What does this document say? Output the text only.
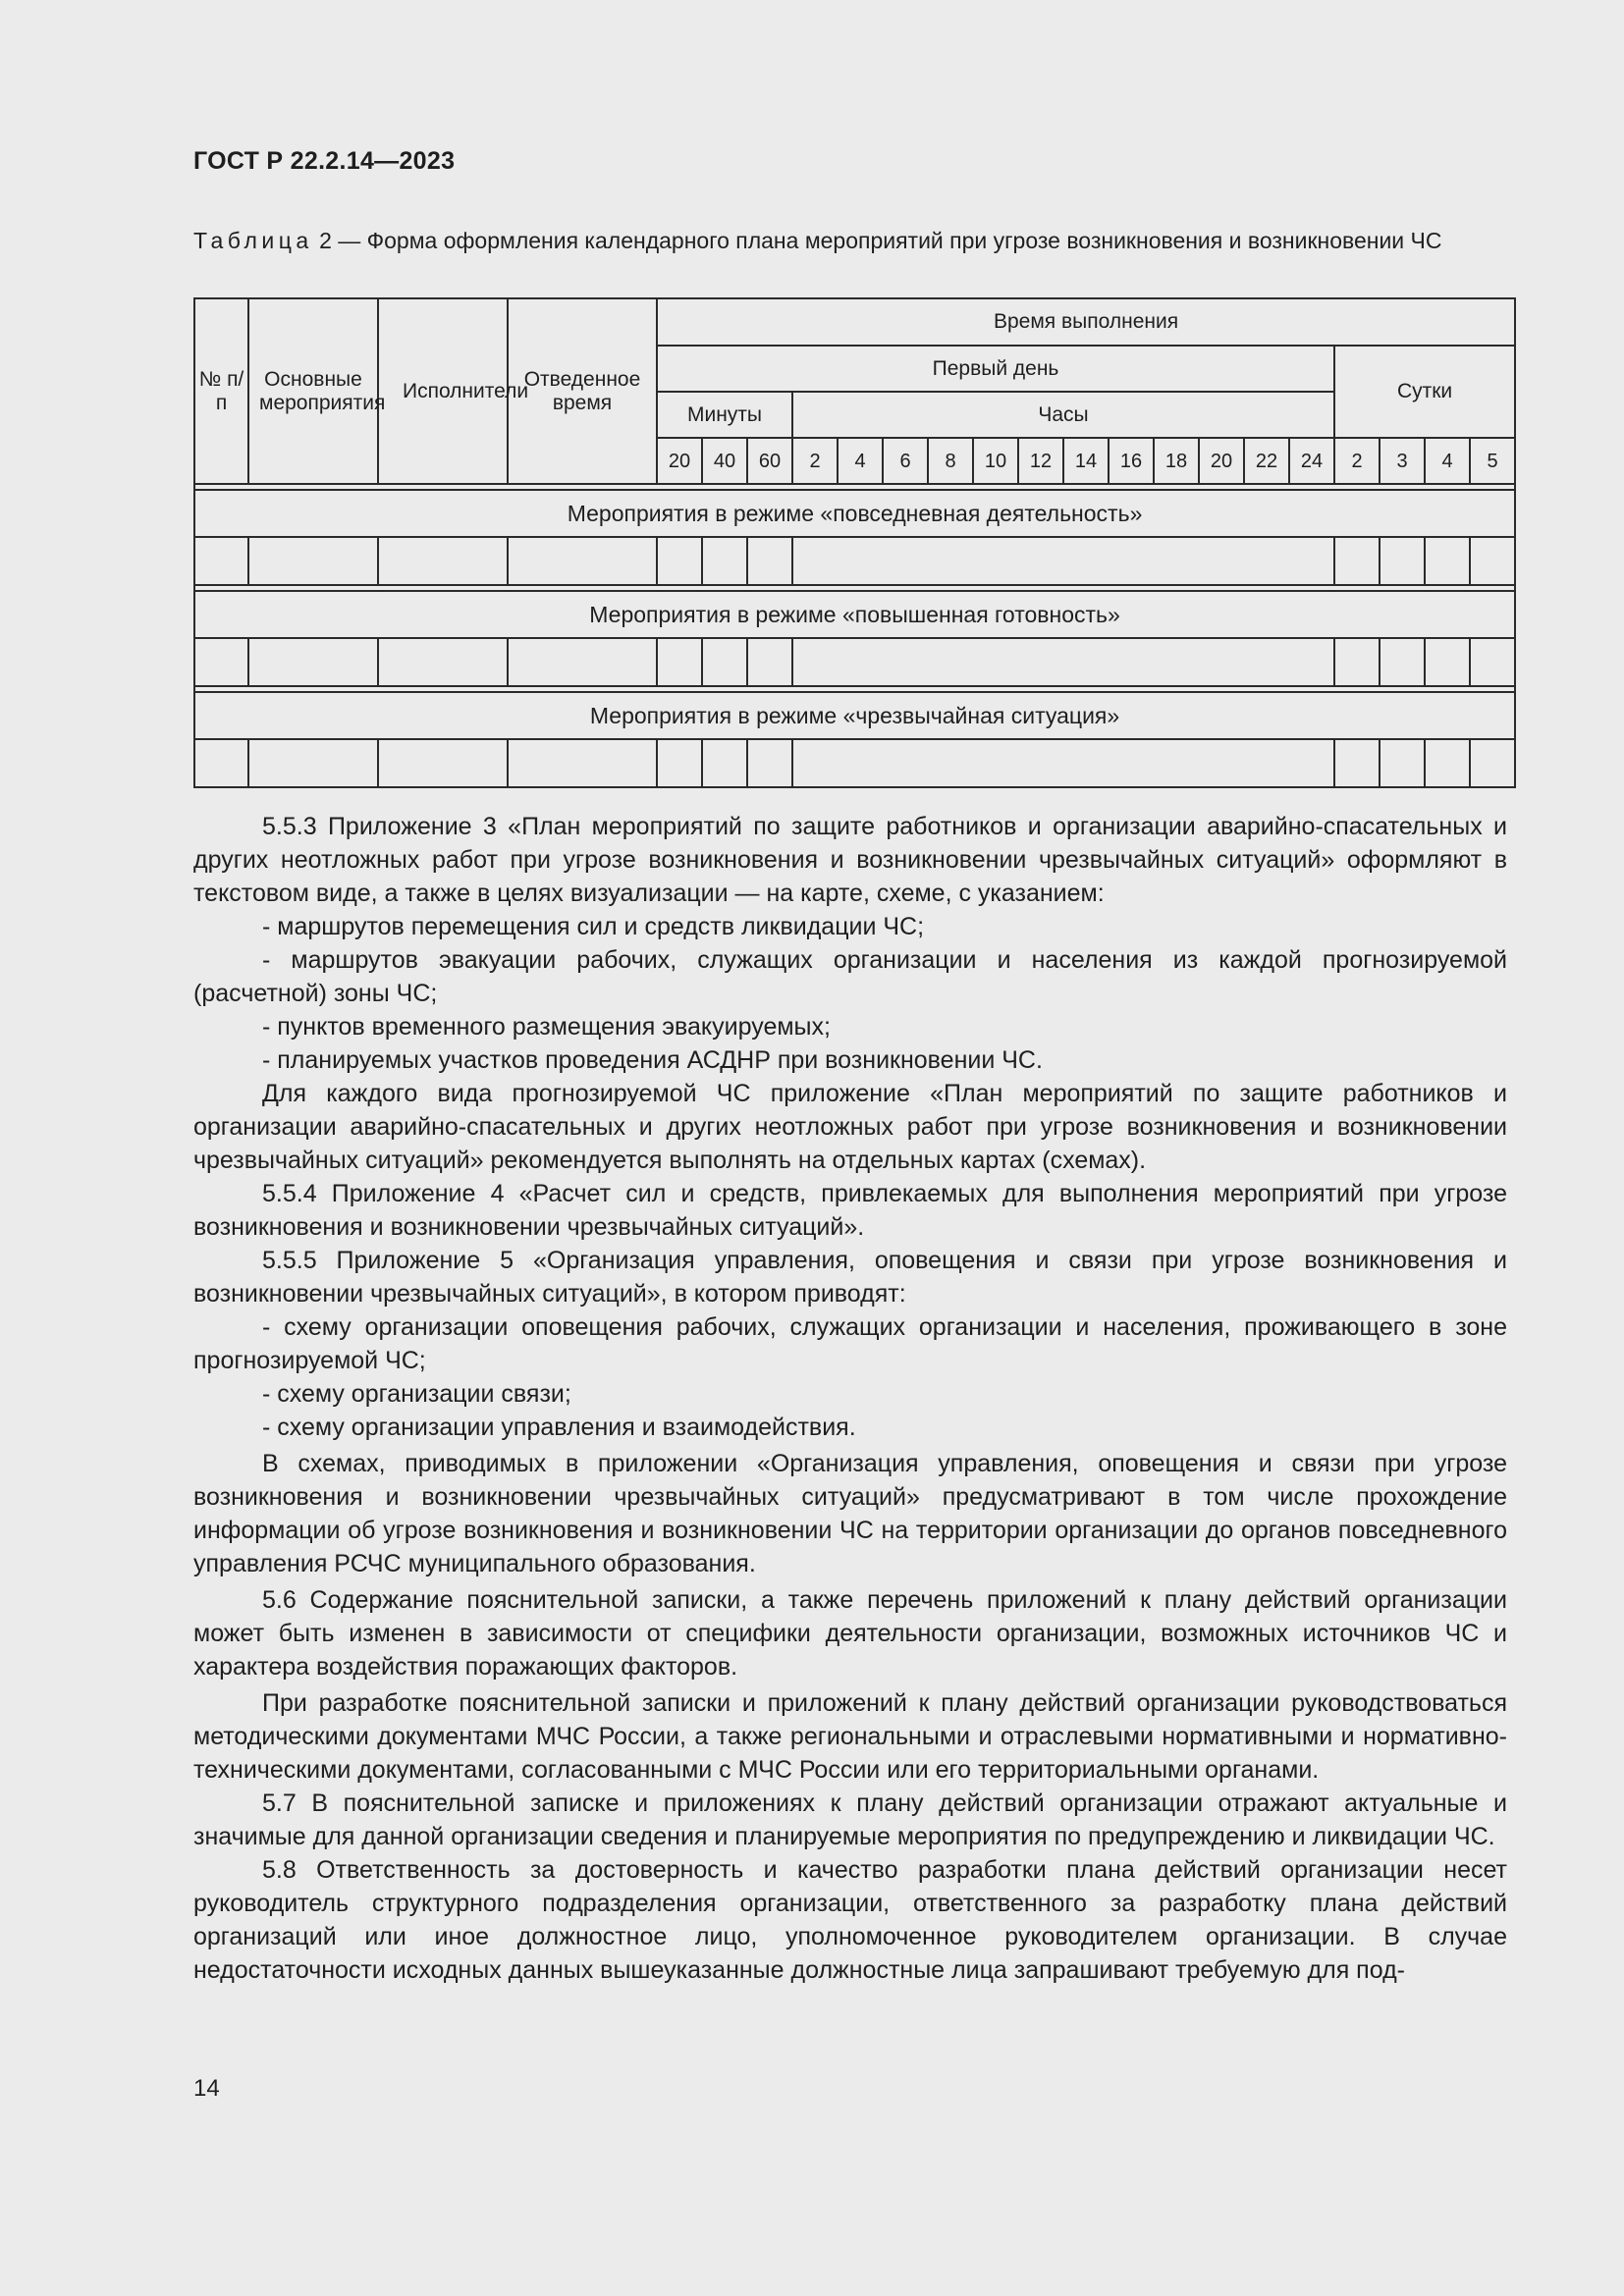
ГОСТ Р 22.2.14—2023
Таблица 2 — Форма оформления календарного плана мероприятий при угрозе возникновения и возникновении ЧС
№ п/п	Основные мероприятия	Исполнители	Отведенное время	Время выполнения																		
				Первый день															Сутки			
				Минуты			Часы															
				20	40	60	2	4	6	8	10	12	14	16	18	20	22	24	2	3	4	5

Мероприятия в режиме «повседневная деятельность»																						

Мероприятия в режиме «повышенная готовность»																						

Мероприятия в режиме «чрезвычайная ситуация»																						

5.5.3 Приложение 3 «План мероприятий по защите работников и организации аварийно-спасательных и других неотложных работ при угрозе возникновения и возникновении чрезвычайных ситуаций» оформляют в текстовом виде, а также в целях визуализации — на карте, схеме, с указанием:

- маршрутов перемещения сил и средств ликвидации ЧС;

- маршрутов эвакуации рабочих, служащих организации и населения из каждой прогнозируемой (расчетной) зоны ЧС;

- пунктов временного размещения эвакуируемых;

- планируемых участков проведения АСДНР при возникновении ЧС.

Для каждого вида прогнозируемой ЧС приложение «План мероприятий по защите работников и организации аварийно-спасательных и других неотложных работ при угрозе возникновения и возникновении чрезвычайных ситуаций» рекомендуется выполнять на отдельных картах (схемах).

5.5.4 Приложение 4 «Расчет сил и средств, привлекаемых для выполнения мероприятий при угрозе возникновения и возникновении чрезвычайных ситуаций».

5.5.5 Приложение 5 «Организация управления, оповещения и связи при угрозе возникновения и возникновении чрезвычайных ситуаций», в котором приводят:

- схему организации оповещения рабочих, служащих организации и населения, проживающего в зоне прогнозируемой ЧС;

- схему организации связи;

- схему организации управления и взаимодействия.

В схемах, приводимых в приложении «Организация управления, оповещения и связи при угрозе возникновения и возникновении чрезвычайных ситуаций» предусматривают в том числе прохождение информации об угрозе возникновения и возникновении ЧС на территории организации до органов повседневного управления РСЧС муниципального образования.

5.6 Содержание пояснительной записки, а также перечень приложений к плану действий организации может быть изменен в зависимости от специфики деятельности организации, возможных источников ЧС и характера воздействия поражающих факторов.

При разработке пояснительной записки и приложений к плану действий организации руководствоваться методическими документами МЧС России, а также региональными и отраслевыми нормативными и нормативно-техническими документами, согласованными с МЧС России или его территориальными органами.

5.7 В пояснительной записке и приложениях к плану действий организации отражают актуальные и значимые для данной организации сведения и планируемые мероприятия по предупреждению и ликвидации ЧС.

5.8 Ответственность за достоверность и качество разработки плана действий организации несет руководитель структурного подразделения организации, ответственного за разработку плана действий организаций или иное должностное лицо, уполномоченное руководителем организации. В случае недостаточности исходных данных вышеуказанные должностные лица запрашивают требуемую для под-

14
